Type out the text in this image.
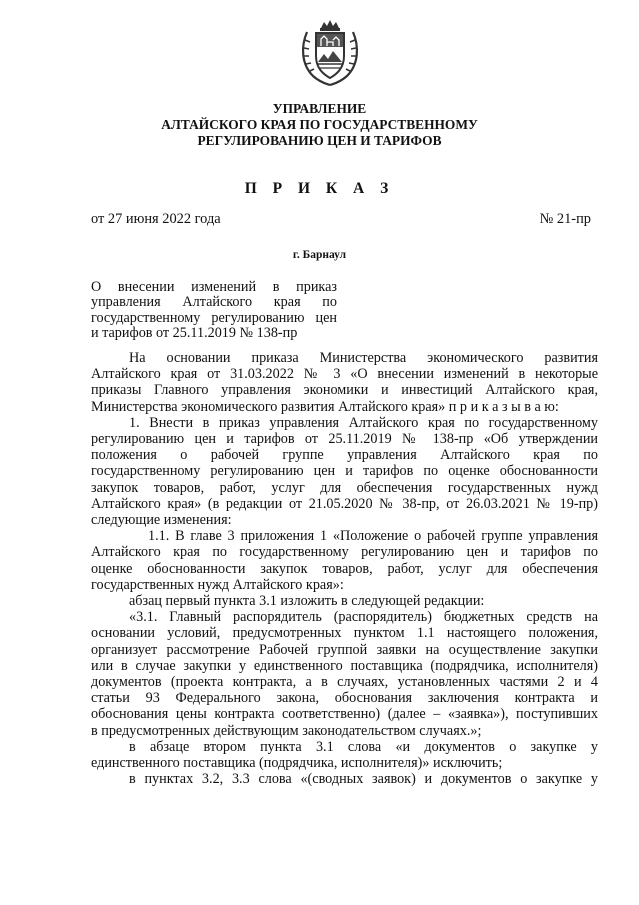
УПРАВЛЕНИЕ
АЛТАЙСКОГО КРАЯ ПО ГОСУДАРСТВЕННОМУ
РЕГУЛИРОВАНИЮ ЦЕН И ТАРИФОВ
П Р И К А З
от 27 июня 2022 года	№ 21-пр
г. Барнаул
О внесении изменений в приказ
управления Алтайского края по
государственному регулированию цен
и тарифов от 25.11.2019 № 138-пр
На основании приказа Министерства экономического развития
Алтайского края от 31.03.2022 № 3 «О внесении изменений в некоторые
приказы Главного управления экономики и инвестиций Алтайского края,
Министерства экономического развития Алтайского края» п р и к а з ы в а ю:
1. Внести в приказ управления Алтайского края по государственному
регулированию цен и тарифов от 25.11.2019 № 138-пр «Об утверждении
положения о рабочей группе управления Алтайского края по
государственному регулированию цен и тарифов по оценке обоснованности
закупок товаров, работ, услуг для обеспечения государственных нужд
Алтайского края» (в редакции от 21.05.2020 № 38-пр, от 26.03.2021 № 19-пр)
следующие изменения:
1.1. В главе 3 приложения 1 «Положение о рабочей группе управления
Алтайского края по государственному регулированию цен и тарифов по
оценке обоснованности закупок товаров, работ, услуг для обеспечения
государственных нужд Алтайского края»:
абзац первый пункта 3.1 изложить в следующей редакции:
«3.1. Главный распорядитель (распорядитель) бюджетных средств на
основании условий, предусмотренных пунктом 1.1 настоящего положения,
организует рассмотрение Рабочей группой заявки на осуществление закупки
или в случае закупки у единственного поставщика (подрядчика, исполнителя)
документов (проекта контракта, а в случаях, установленных частями 2 и 4
статьи 93 Федерального закона, обоснования заключения контракта и
обоснования цены контракта соответственно) (далее – «заявка»), поступивших
в предусмотренных действующим законодательством случаях.»;
в абзаце втором пункта 3.1 слова «и документов о закупке у
единственного поставщика (подрядчика, исполнителя)» исключить;
в пунктах 3.2, 3.3 слова «(сводных заявок) и документов о закупке у
